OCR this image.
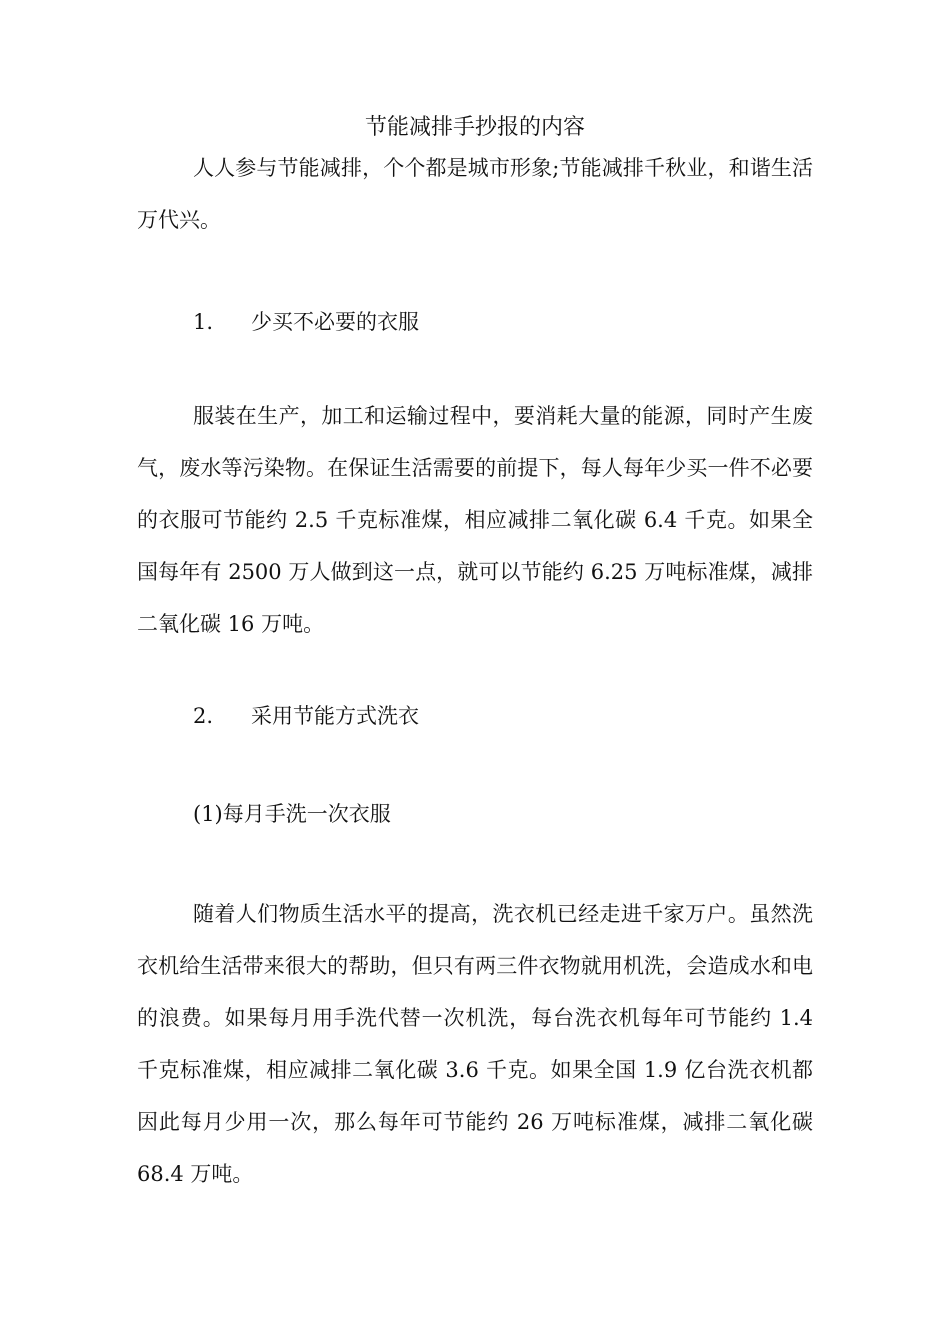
节能减排手抄报的内容

人人参与节能减排，个个都是城市形象;节能减排千秋业，和谐生活万代兴。

1. 少买不必要的衣服

服装在生产，加工和运输过程中，要消耗大量的能源，同时产生废气，废水等污染物。在保证生活需要的前提下，每人每年少买一件不必要的衣服可节能约 2.5 千克标准煤，相应减排二氧化碳 6.4 千克。如果全国每年有 2500 万人做到这一点，就可以节能约 6.25 万吨标准煤，减排二氧化碳 16 万吨。

2. 采用节能方式洗衣
(1)每月手洗一次衣服

随着人们物质生活水平的提高，洗衣机已经走进千家万户。虽然洗衣机给生活带来很大的帮助，但只有两三件衣物就用机洗，会造成水和电的浪费。如果每月用手洗代替一次机洗，每台洗衣机每年可节能约 1.4 千克标准煤，相应减排二氧化碳 3.6 千克。如果全国 1.9 亿台洗衣机都因此每月少用一次，那么每年可节能约 26 万吨标准煤，减排二氧化碳 68.4 万吨。
